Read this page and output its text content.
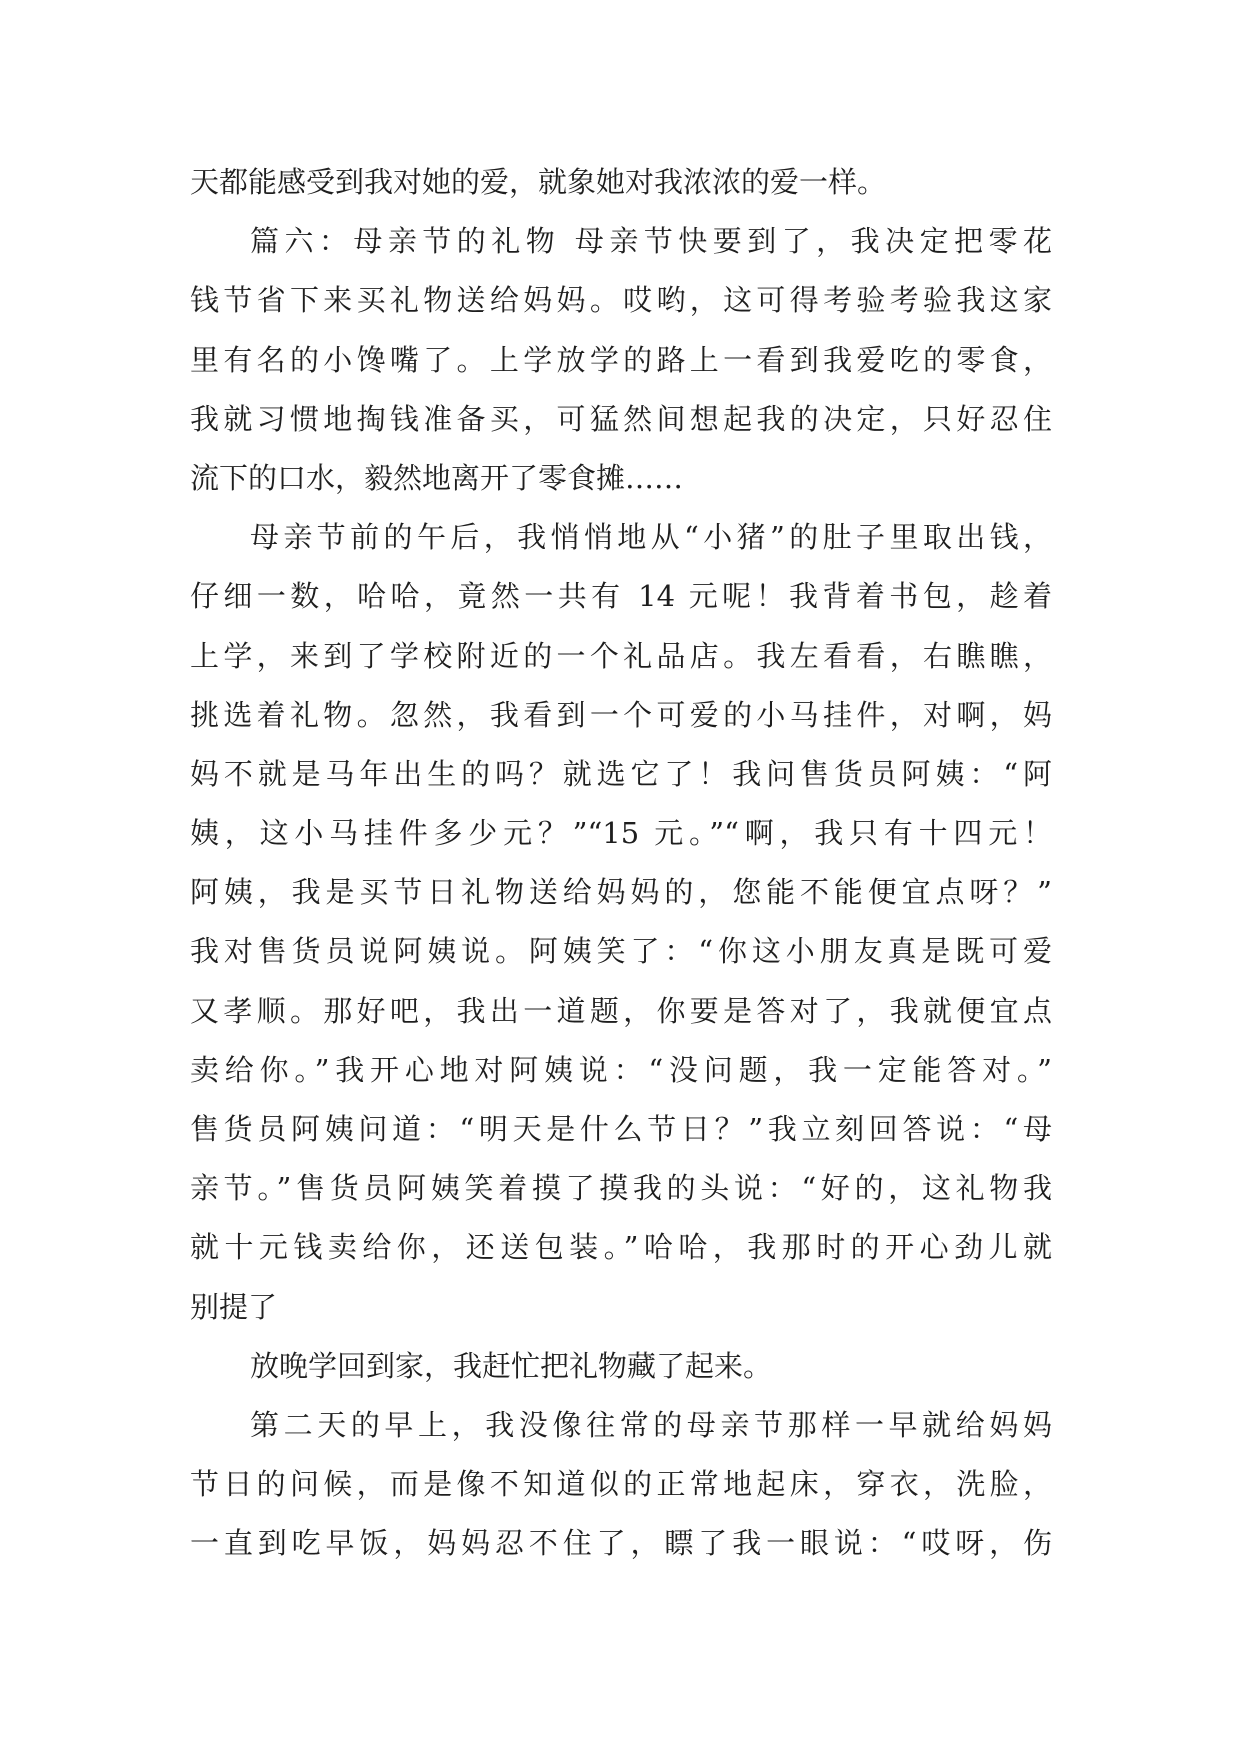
天都能感受到我对她的爱，就象她对我浓浓的爱一样。
篇六：母亲节的礼物 母亲节快要到了，我决定把零花
钱节省下来买礼物送给妈妈。哎哟，这可得考验考验我这家
里有名的小馋嘴了。上学放学的路上一看到我爱吃的零食，
我就习惯地掏钱准备买，可猛然间想起我的决定，只好忍住
流下的口水，毅然地离开了零食摊……
母亲节前的午后，我悄悄地从“小猪”的肚子里取出钱，
仔细一数，哈哈，竟然一共有 14 元呢！我背着书包，趁着
上学，来到了学校附近的一个礼品店。我左看看，右瞧瞧，
挑选着礼物。忽然，我看到一个可爱的小马挂件，对啊，妈
妈不就是马年出生的吗？就选它了！我问售货员阿姨：“阿
姨，这小马挂件多少元？”“15 元。”“啊，我只有十四元！
阿姨，我是买节日礼物送给妈妈的，您能不能便宜点呀？”
我对售货员说阿姨说。阿姨笑了：“你这小朋友真是既可爱
又孝顺。那好吧，我出一道题，你要是答对了，我就便宜点
卖给你。”我开心地对阿姨说：“没问题，我一定能答对。”
售货员阿姨问道：“明天是什么节日？”我立刻回答说：“母
亲节。”售货员阿姨笑着摸了摸我的头说：“好的，这礼物我
就十元钱卖给你，还送包装。”哈哈，我那时的开心劲儿就
别提了
放晚学回到家，我赶忙把礼物藏了起来。
第二天的早上，我没像往常的母亲节那样一早就给妈妈
节日的问候，而是像不知道似的正常地起床，穿衣，洗脸，
一直到吃早饭，妈妈忍不住了，瞟了我一眼说：“哎呀，伤
